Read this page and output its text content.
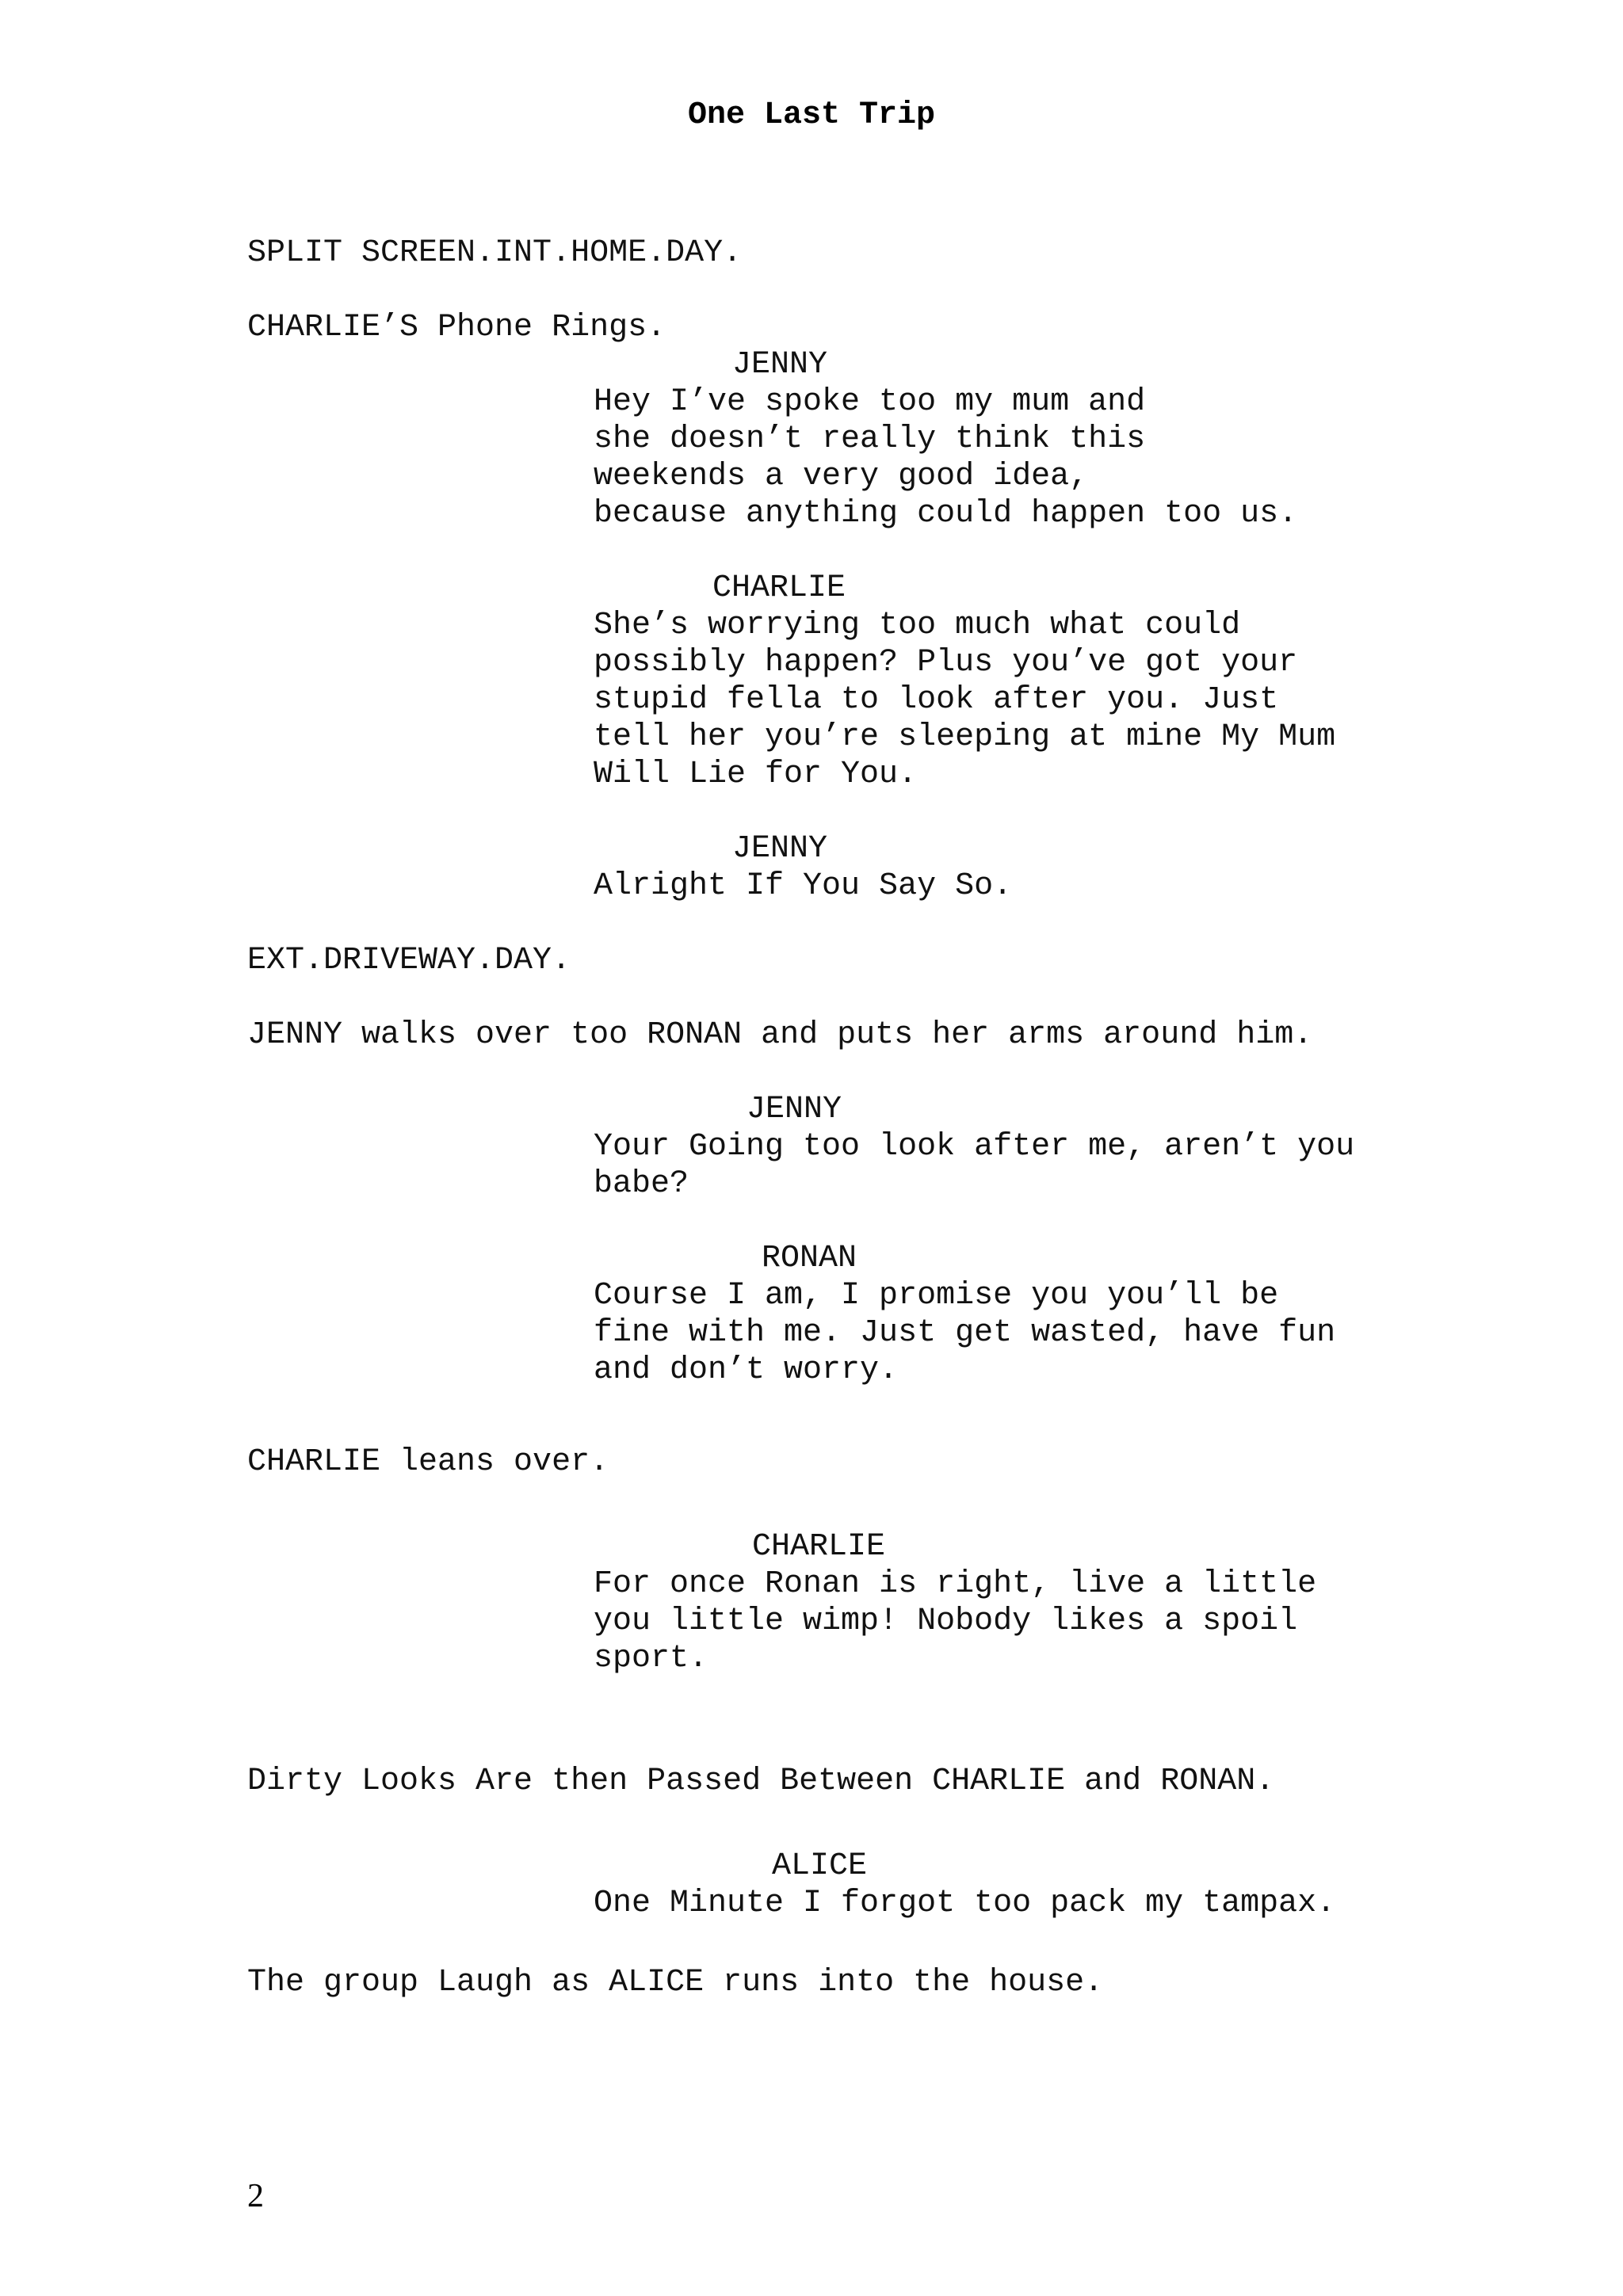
One Last Trip
SPLIT SCREEN.INT.HOME.DAY.
CHARLIE’S Phone Rings.
JENNY
Hey I’ve spoke too my mum and
she doesn’t really think this
weekends a very good idea,
because anything could happen too us.
CHARLIE
She’s worrying too much what could
possibly happen? Plus you’ve got your
stupid fella to look after you. Just
tell her you’re sleeping at mine My Mum
Will Lie for You.
JENNY
Alright If You Say So.
EXT.DRIVEWAY.DAY.
JENNY walks over too RONAN and puts her arms around him.
JENNY
Your Going too look after me, aren’t you
babe?
RONAN
Course I am, I promise you you’ll be
fine with me. Just get wasted, have fun
and don’t worry.
CHARLIE leans over.
CHARLIE
For once Ronan is right, live a little
you little wimp! Nobody likes a spoil
sport.
Dirty Looks Are then Passed Between CHARLIE and RONAN.
ALICE
One Minute I forgot too pack my tampax.
The group Laugh as ALICE runs into the house.
2
